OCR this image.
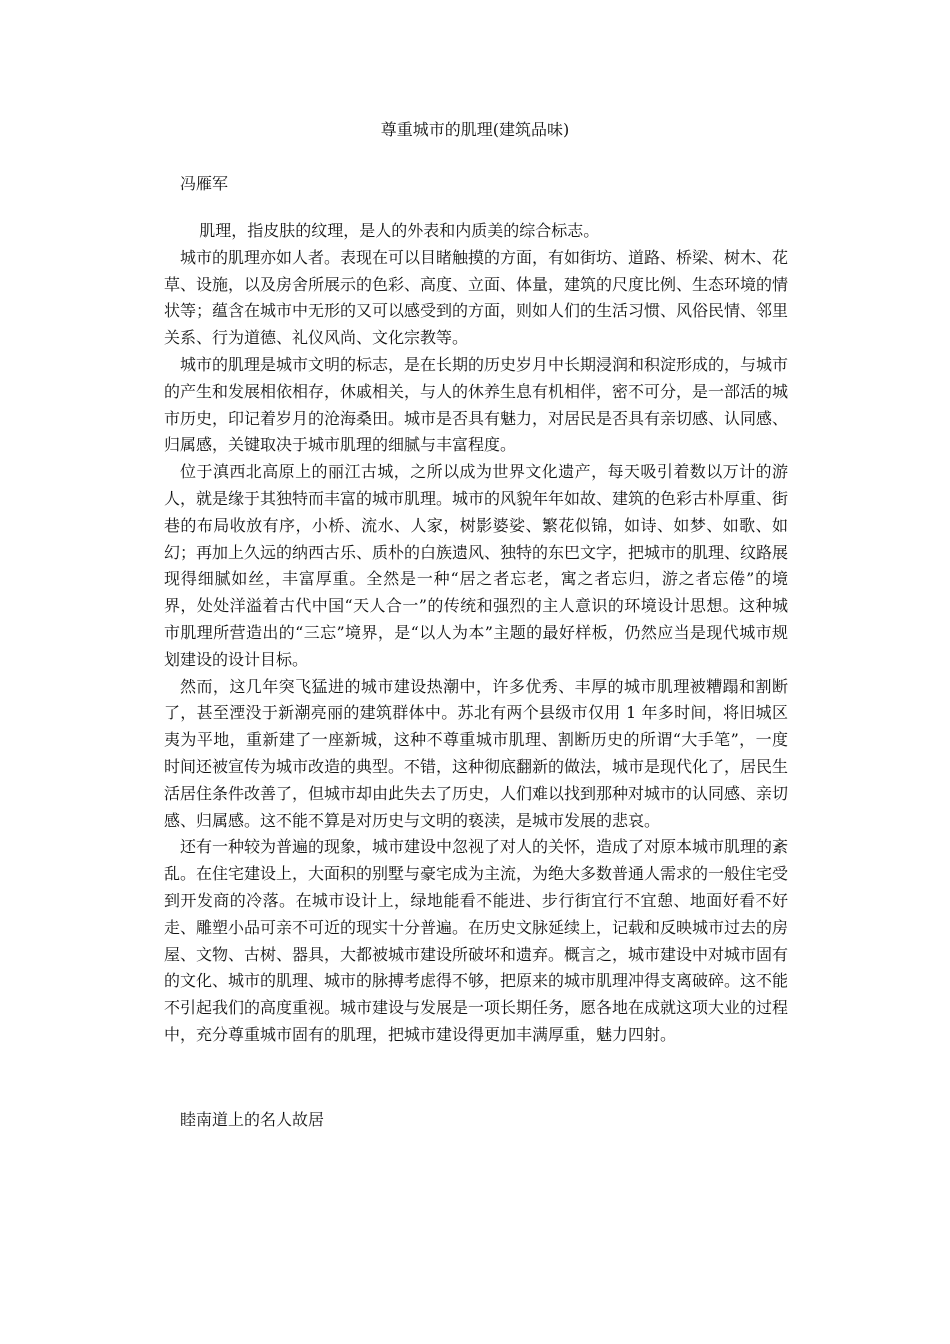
尊重城市的肌理(建筑品味)
冯雁军

肌理，指皮肤的纹理，是人的外表和内质美的综合标志。

城市的肌理亦如人者。表现在可以目睹触摸的方面，有如街坊、道路、桥梁、树木、花草、设施，以及房舍所展示的色彩、高度、立面、体量，建筑的尺度比例、生态环境的情状等；蕴含在城市中无形的又可以感受到的方面，则如人们的生活习惯、风俗民情、邻里关系、行为道德、礼仪风尚、文化宗教等。

城市的肌理是城市文明的标志，是在长期的历史岁月中长期浸润和积淀形成的，与城市的产生和发展相依相存，休戚相关，与人的休养生息有机相伴，密不可分，是一部活的城市历史，印记着岁月的沧海桑田。城市是否具有魅力，对居民是否具有亲切感、认同感、归属感，关键取决于城市肌理的细腻与丰富程度。

位于滇西北高原上的丽江古城，之所以成为世界文化遗产，每天吸引着数以万计的游人，就是缘于其独特而丰富的城市肌理。城市的风貌年年如故、建筑的色彩古朴厚重、街巷的布局收放有序，小桥、流水、人家，树影婆娑、繁花似锦，如诗、如梦、如歌、如幻；再加上久远的纳西古乐、质朴的白族遗风、独特的东巴文字，把城市的肌理、纹路展现得细腻如丝，丰富厚重。全然是一种“居之者忘老，寓之者忘归，游之者忘倦”的境界，处处洋溢着古代中国“天人合一”的传统和强烈的主人意识的环境设计思想。这种城市肌理所营造出的“三忘”境界，是“以人为本”主题的最好样板，仍然应当是现代城市规划建设的设计目标。

然而，这几年突飞猛进的城市建设热潮中，许多优秀、丰厚的城市肌理被糟蹋和割断了，甚至湮没于新潮亮丽的建筑群体中。苏北有两个县级市仅用 1 年多时间，将旧城区夷为平地，重新建了一座新城，这种不尊重城市肌理、割断历史的所谓“大手笔”，一度时间还被宣传为城市改造的典型。不错，这种彻底翻新的做法，城市是现代化了，居民生活居住条件改善了，但城市却由此失去了历史，人们难以找到那种对城市的认同感、亲切感、归属感。这不能不算是对历史与文明的亵渎，是城市发展的悲哀。

还有一种较为普遍的现象，城市建设中忽视了对人的关怀，造成了对原本城市肌理的紊乱。在住宅建设上，大面积的别墅与豪宅成为主流，为绝大多数普通人需求的一般住宅受到开发商的冷落。在城市设计上，绿地能看不能进、步行街宜行不宜憩、地面好看不好走、雕塑小品可亲不可近的现实十分普遍。在历史文脉延续上，记载和反映城市过去的房屋、文物、古树、器具，大都被城市建设所破坏和遗弃。概言之，城市建设中对城市固有的文化、城市的肌理、城市的脉搏考虑得不够，把原来的城市肌理冲得支离破碎。这不能不引起我们的高度重视。城市建设与发展是一项长期任务，愿各地在成就这项大业的过程中，充分尊重城市固有的肌理，把城市建设得更加丰满厚重，魅力四射。

睦南道上的名人故居
